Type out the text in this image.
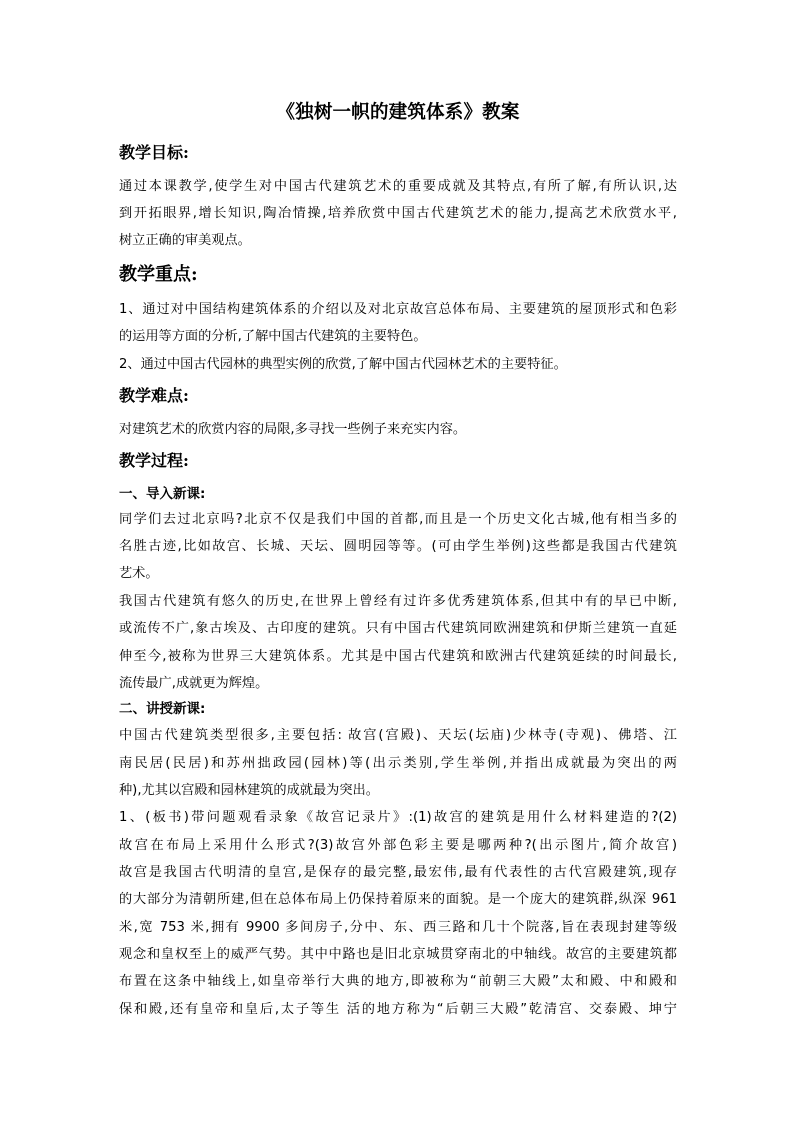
《独树一帜的建筑体系》教案
教学目标:
通过本课教学,使学生对中国古代建筑艺术的重要成就及其特点,有所了解,有所认识,达
到开拓眼界,增长知识,陶冶情操,培养欣赏中国古代建筑艺术的能力,提高艺术欣赏水平,
树立正确的审美观点。
教学重点:
1、通过对中国结构建筑体系的介绍以及对北京故宫总体布局、主要建筑的屋顶形式和色彩
的运用等方面的分析,了解中国古代建筑的主要特色。
2、通过中国古代园林的典型实例的欣赏,了解中国古代园林艺术的主要特征。
教学难点:
对建筑艺术的欣赏内容的局限,多寻找一些例子来充实内容。
教学过程:
一、导入新课:
同学们去过北京吗?北京不仅是我们中国的首都,而且是一个历史文化古城,他有相当多的
名胜古迹,比如故宫、长城、天坛、圆明园等等。(可由学生举例)这些都是我国古代建筑
艺术。
我国古代建筑有悠久的历史,在世界上曾经有过许多优秀建筑体系,但其中有的早已中断,
或流传不广,象古埃及、古印度的建筑。只有中国古代建筑同欧洲建筑和伊斯兰建筑一直延
伸至今,被称为世界三大建筑体系。尤其是中国古代建筑和欧洲古代建筑延续的时间最长,
流传最广,成就更为辉煌。
二、讲授新课:
中国古代建筑类型很多,主要包括: 故宫(宫殿)、天坛(坛庙)少林寺(寺观)、佛塔、江
南民居(民居)和苏州拙政园(园林)等(出示类别,学生举例,并指出成就最为突出的两
种),尤其以宫殿和园林建筑的成就最为突出。
1、(板书)带问题观看录象《故宫记录片》:(1)故宫的建筑是用什么材料建造的?(2)
故宫在布局上采用什么形式?(3)故宫外部色彩主要是哪两种?(出示图片,简介故宫)
故宫是我国古代明清的皇宫,是保存的最完整,最宏伟,最有代表性的古代宫殿建筑,现存
的大部分为清朝所建,但在总体布局上仍保持着原来的面貌。是一个庞大的建筑群,纵深 961
米,宽 753 米,拥有 9900 多间房子,分中、东、西三路和几十个院落,旨在表现封建等级
观念和皇权至上的威严气势。其中中路也是旧北京城贯穿南北的中轴线。故宫的主要建筑都
布置在这条中轴线上,如皇帝举行大典的地方,即被称为“前朝三大殿”太和殿、中和殿和
保和殿,还有皇帝和皇后,太子等生 活的地方称为“后朝三大殿”乾清宫、交泰殿、坤宁
